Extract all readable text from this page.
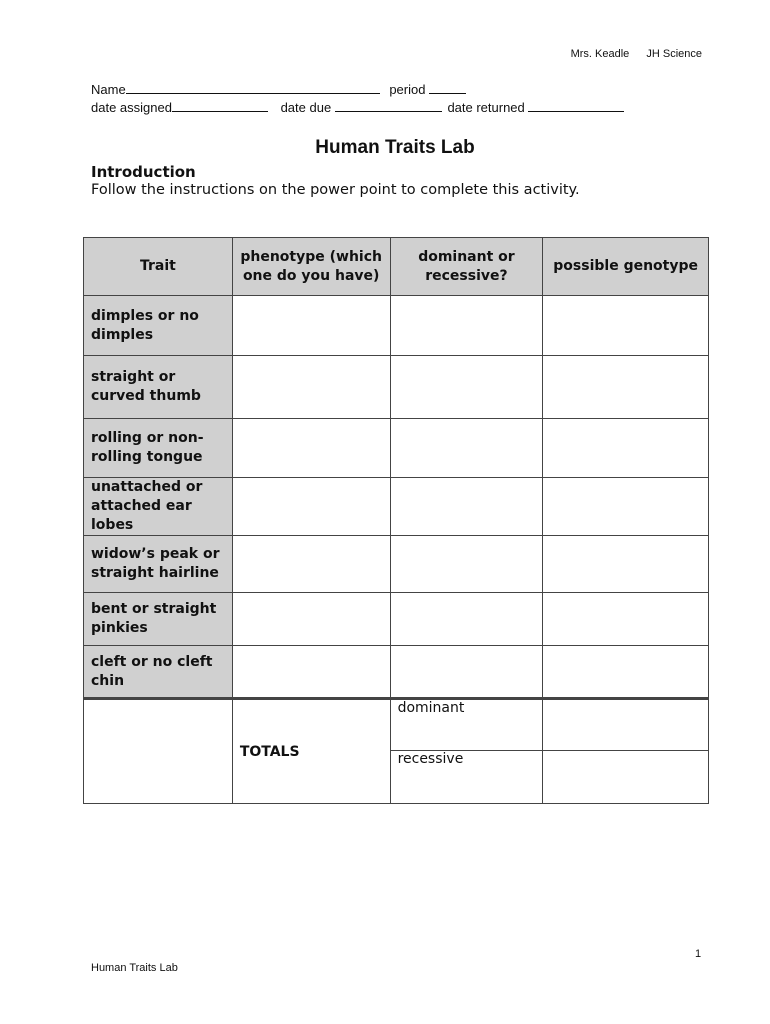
Mrs. Keadle JH Science
Name	period
date assigned	date due	date returned
Human Traits Lab
Introduction
Follow the instructions on the power point to complete this activity.
Trait	phenotype (which one do you have)	dominant or recessive?	possible genotype
dimples or no dimples			
straight or curved thumb			
rolling or non-rolling tongue			
unattached or attached ear lobes			
widow’s peak or straight hairline			
bent or straight pinkies			
cleft or no cleft chin			
	TOTALS	dominant	
		recessive	
1
Human Traits Lab
